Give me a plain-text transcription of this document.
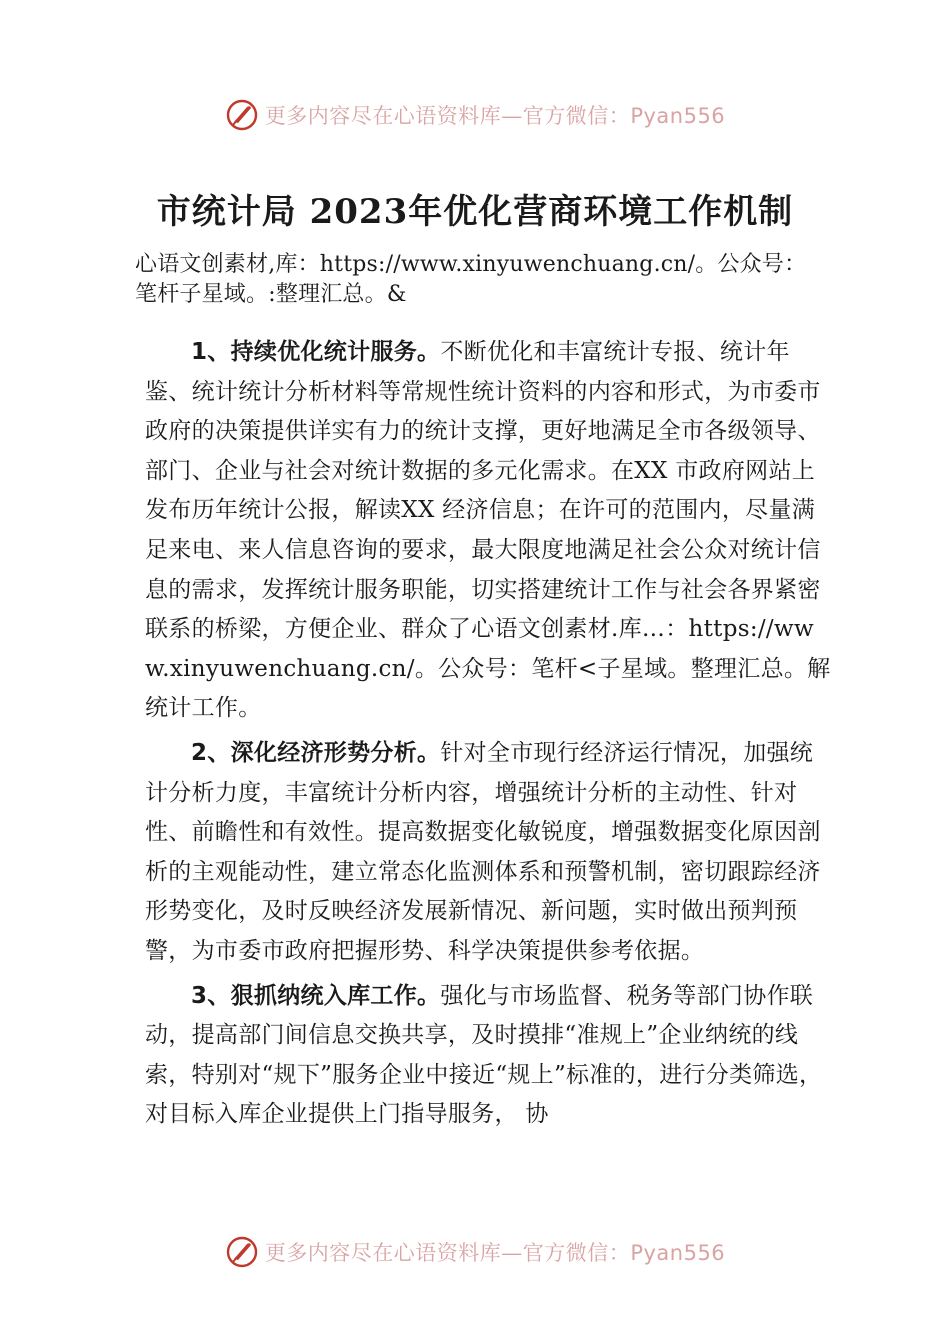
更多内容尽在心语资料库—官方微信：Pyan556
市统计局 2023年优化营商环境工作机制
心语文创素材,库：https://www.xinyuwenchuang.cn/。公众号：笔杆子星域。:整理汇总。&

1、持续优化统计服务。不断优化和丰富统计专报、统计年鉴、统计统计分析材料等常规性统计资料的内容和形式，为市委市政府的决策提供详实有力的统计支撑，更好地满足全市各级领导、部门、企业与社会对统计数据的多元化需求。在XX 市政府网站上发布历年统计公报，解读XX 经济信息；在许可的范围内，尽量满足来电、来人信息咨询的要求，最大限度地满足社会公众对统计信息的需求，发挥统计服务职能，切实搭建统计工作与社会各界紧密联系的桥梁，方便企业、群众了心语文创素材.库…：https://www.xinyuwenchuang.cn/。公众号：笔杆<子星域。整理汇总。解统计工作。

2、深化经济形势分析。针对全市现行经济运行情况，加强统计分析力度，丰富统计分析内容，增强统计分析的主动性、针对性、前瞻性和有效性。提高数据变化敏锐度，增强数据变化原因剖析的主观能动性，建立常态化监测体系和预警机制，密切跟踪经济形势变化，及时反映经济发展新情况、新问题，实时做出预判预警，为市委市政府把握形势、科学决策提供参考依据。

3、狠抓纳统入库工作。强化与市场监督、税务等部门协作联动，提高部门间信息交换共享，及时摸排“准规上”企业纳统的线索，特别对“规下”服务企业中接近“规上”标准的，进行分类筛选，对目标入库企业提供上门指导服务， 协

更多内容尽在心语资料库—官方微信：Pyan556
